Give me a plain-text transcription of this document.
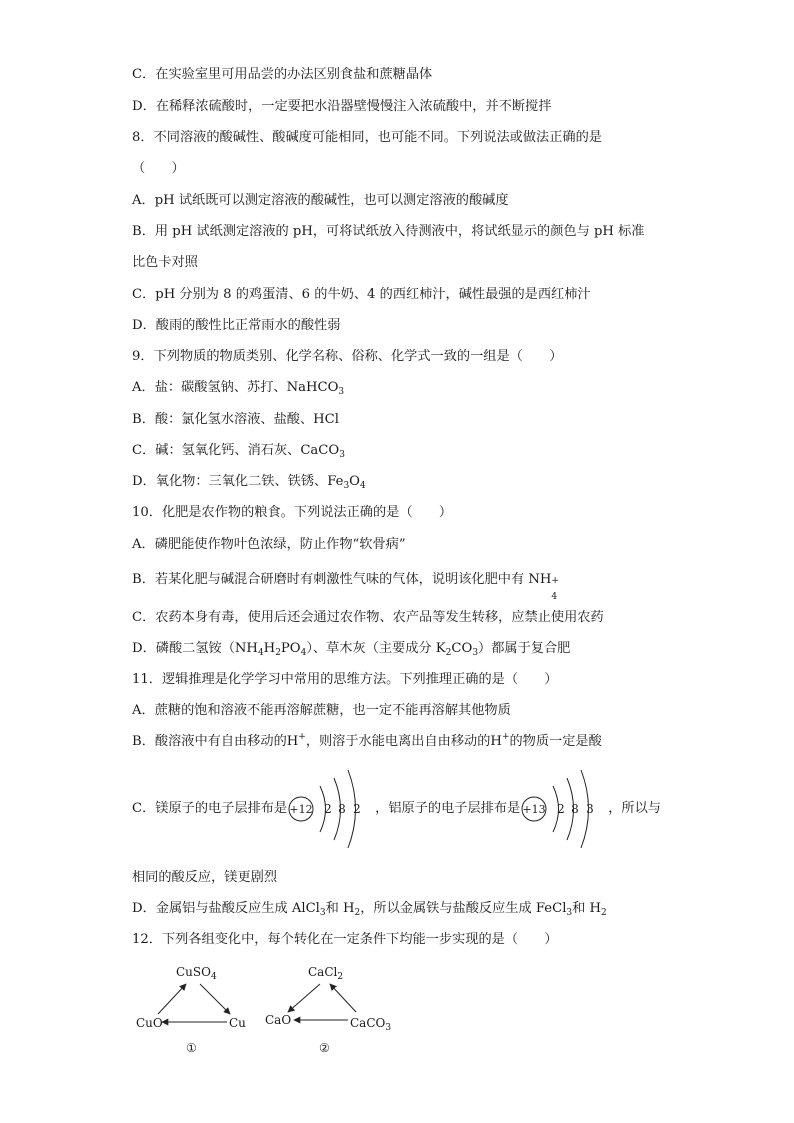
C．在实验室里可用品尝的办法区别食盐和蔗糖晶体
D．在稀释浓硫酸时，一定要把水沿器壁慢慢注入浓硫酸中，并不断搅拌
8．不同溶液的酸碱性、酸碱度可能相同，也可能不同。下列说法或做法正确的是
（　　）
A．pH 试纸既可以测定溶液的酸碱性，也可以测定溶液的酸碱度
B．用 pH 试纸测定溶液的 pH，可将试纸放入待测液中，将试纸显示的颜色与 pH 标准
比色卡对照
C．pH 分别为 8 的鸡蛋清、6 的牛奶、4 的西红柿汁，碱性最强的是西红柿汁
D．酸雨的酸性比正常雨水的酸性弱
9．下列物质的物质类别、化学名称、俗称、化学式一致的一组是（　　）
A．盐：碳酸氢钠、苏打、NaHCO$_3$
B．酸：氯化氢水溶液、盐酸、HCl
C．碱：氢氧化钙、消石灰、CaCO$_3$
D．氧化物：三氧化二铁、铁锈、$Fe_3O_4$
10．化肥是农作物的粮食。下列说法正确的是（　　）
A．磷肥能使作物叶色浓绿，防止作物“软骨病”
B．若某化肥与碱混合研磨时有刺激性气味的气体，说明该化肥中有 NH +
4
C．农药本身有毒，使用后还会通过农作物、农产品等发生转移，应禁止使用农药
D．磷酸二氢铵$(NH_4H_2PO_4)$、草木灰（主要成分 $K_2CO_3$）都属于复合肥
11．逻辑推理是化学学习中常用的思维方法。下列推理正确的是（　　）
A．蔗糖的饱和溶液不能再溶解蔗糖，也一定不能再溶解其他物质
B．酸溶液中有自由移动的H+，则溶于水能电离出自由移动的H+的物质一定是酸
C．镁原子的电子层排布是 +12 2 8 2 ，铝原子的电子层排布是 +13 2 8 3 ，所以与
相同的酸反应，镁更剧烈
D．金属铝与盐酸反应生成 AlCl$_3$和 $H_2$，所以金属铁与盐酸反应生成 FeCl$_3$和 $H_2$
12．下列各组变化中，每个转化在一定条件下均能一步实现的是（　　）
CuSO$_4$
CuO	Cu
①
CaCl$_2$
CaO	CaCO$_3$
②
